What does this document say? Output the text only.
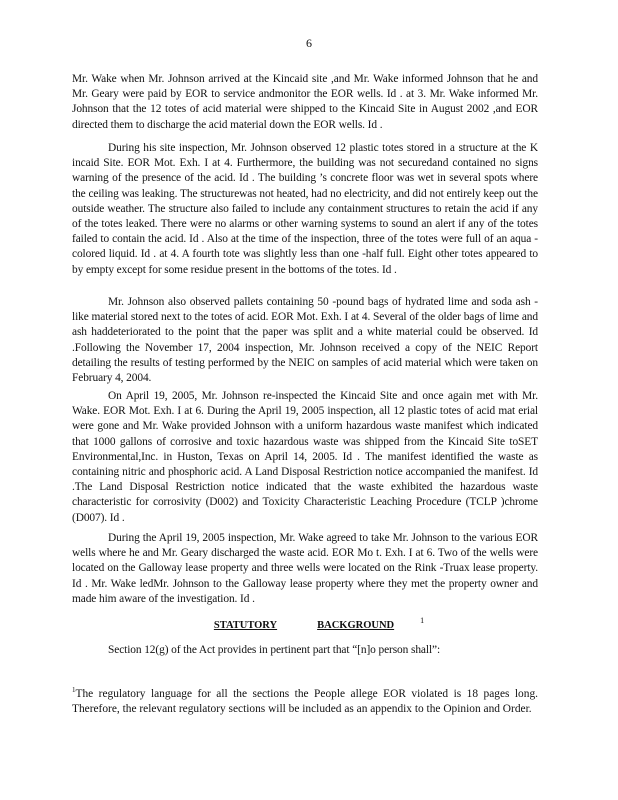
6

Mr. Wake when Mr. Johnson arrived at the Kincaid site ,and Mr. Wake informed Johnson that he and Mr. Geary were paid by EOR to service andmonitor the EOR wells. Id . at 3. Mr. Wake informed Mr. Johnson that the 12 totes of acid material were shipped to the Kincaid Site in August 2002 ,and EOR directed them to discharge the acid material down the EOR wells. Id .

During his site inspection, Mr. Johnson observed 12 plastic totes stored in a structure at the K incaid Site. EOR Mot. Exh. I at 4. Furthermore, the building was not securedand contained no signs warning of the presence of the acid. Id . The building ’s concrete floor was wet in several spots where the ceiling was leaking. The structurewas not heated, had no electricity, and did not entirely keep out the outside weather. The structure also failed to include any containment structures to retain the acid if any of the totes leaked. There were no alarms or other warning systems to sound an alert if any of the totes failed to contain the acid. Id . Also at the time of the inspection, three of the totes were full of an aqua -colored liquid. Id . at 4. A fourth tote was slightly less than one -half full. Eight other totes appeared to by empty except for some residue present in the bottoms of the totes. Id .

Mr. Johnson also observed pallets containing 50 -pound bags of hydrated lime and soda ash -like material stored next to the totes of acid. EOR Mot. Exh. I at 4. Several of the older bags of lime and ash haddeteriorated to the point that the paper was split and a white material could be observed. Id .Following the November 17, 2004 inspection, Mr. Johnson received a copy of the NEIC Report detailing the results of testing performed by the NEIC on samples of acid material which were taken on February 4, 2004.

On April 19, 2005, Mr. Johnson re-inspected the Kincaid Site and once again met with Mr. Wake. EOR Mot. Exh. I at 6. During the April 19, 2005 inspection, all 12 plastic totes of acid mat erial were gone and Mr. Wake provided Johnson with a uniform hazardous waste manifest which indicated that 1000 gallons of corrosive and toxic hazardous waste was shipped from the Kincaid Site toSET Environmental,Inc. in Huston, Texas on April 14, 2005. Id . The manifest identified the waste as containing nitric and phosphoric acid. A Land Disposal Restriction notice accompanied the manifest. Id .The Land Disposal Restriction notice indicated that the waste exhibited the hazardous waste characteristic for corrosivity (D002) and Toxicity Characteristic Leaching Procedure (TCLP )chrome (D007). Id .

During the April 19, 2005 inspection, Mr. Wake agreed to take Mr. Johnson to the various EOR wells where he and Mr. Geary discharged the waste acid. EOR Mo t. Exh. I at 6. Two of the wells were located on the Galloway lease property and three wells were located on the Rink -Truax lease property. Id . Mr. Wake ledMr. Johnson to the Galloway lease property where they met the property owner and made him aware of the investigation. Id .

STATUTORY	BACKGROUND	$^1$

Section 12(g) of the Act provides in pertinent part that “[n]o person shall”:

$^1$The regulatory language for all the sections the People allege EOR violated is 18 pages long. Therefore, the relevant regulatory sections will be included as an appendix to the Opinion and Order.
